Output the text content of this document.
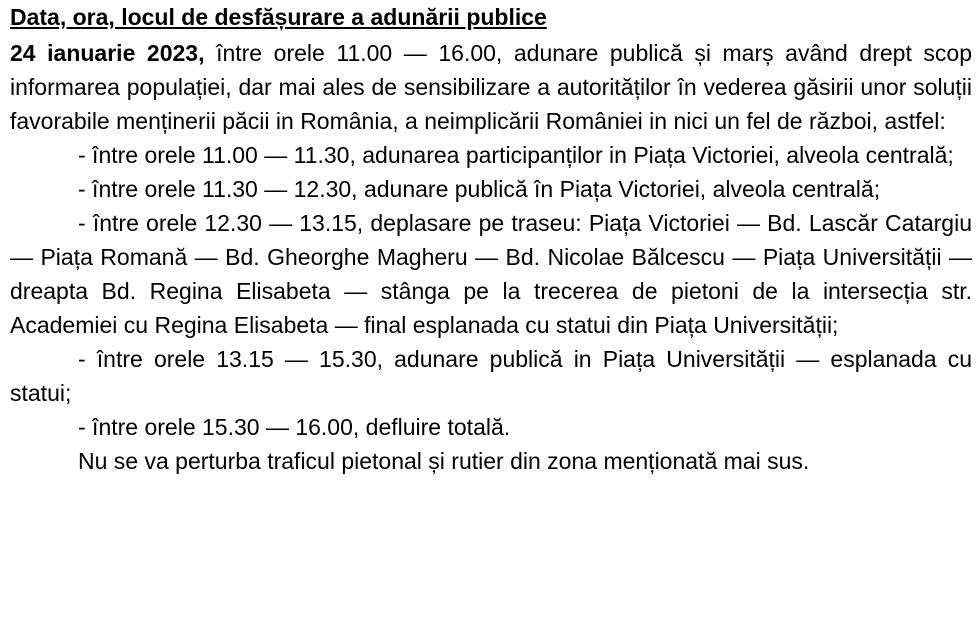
Data, ora, locul de desfășurare a adunării publice

24 ianuarie 2023, între orele 11.00 — 16.00, adunare publică și marș având drept scop informarea populației, dar mai ales de sensibilizare a autorităților în vederea găsirii unor soluții favorabile menținerii păcii in România, a neimplicării României in nici un fel de război, astfel:

- între orele 11.00 — 11.30, adunarea participanților in Piața Victoriei, alveola centrală;

- între orele 11.30 — 12.30, adunare publică în Piața Victoriei, alveola centrală;

- între orele 12.30 — 13.15, deplasare pe traseu: Piața Victoriei — Bd. Lascăr Catargiu — Piața Romană — Bd. Gheorghe Magheru — Bd. Nicolae Bălcescu — Piața Universității — dreapta Bd. Regina Elisabeta — stânga pe la trecerea de pietoni de la intersecția str. Academiei cu Regina Elisabeta — final esplanada cu statui din Piața Universității;

- între orele 13.15 — 15.30, adunare publică in Piața Universității — esplanada cu statui;

- între orele 15.30 — 16.00, defluire totală.

Nu se va perturba traficul pietonal și rutier din zona menționată mai sus.
